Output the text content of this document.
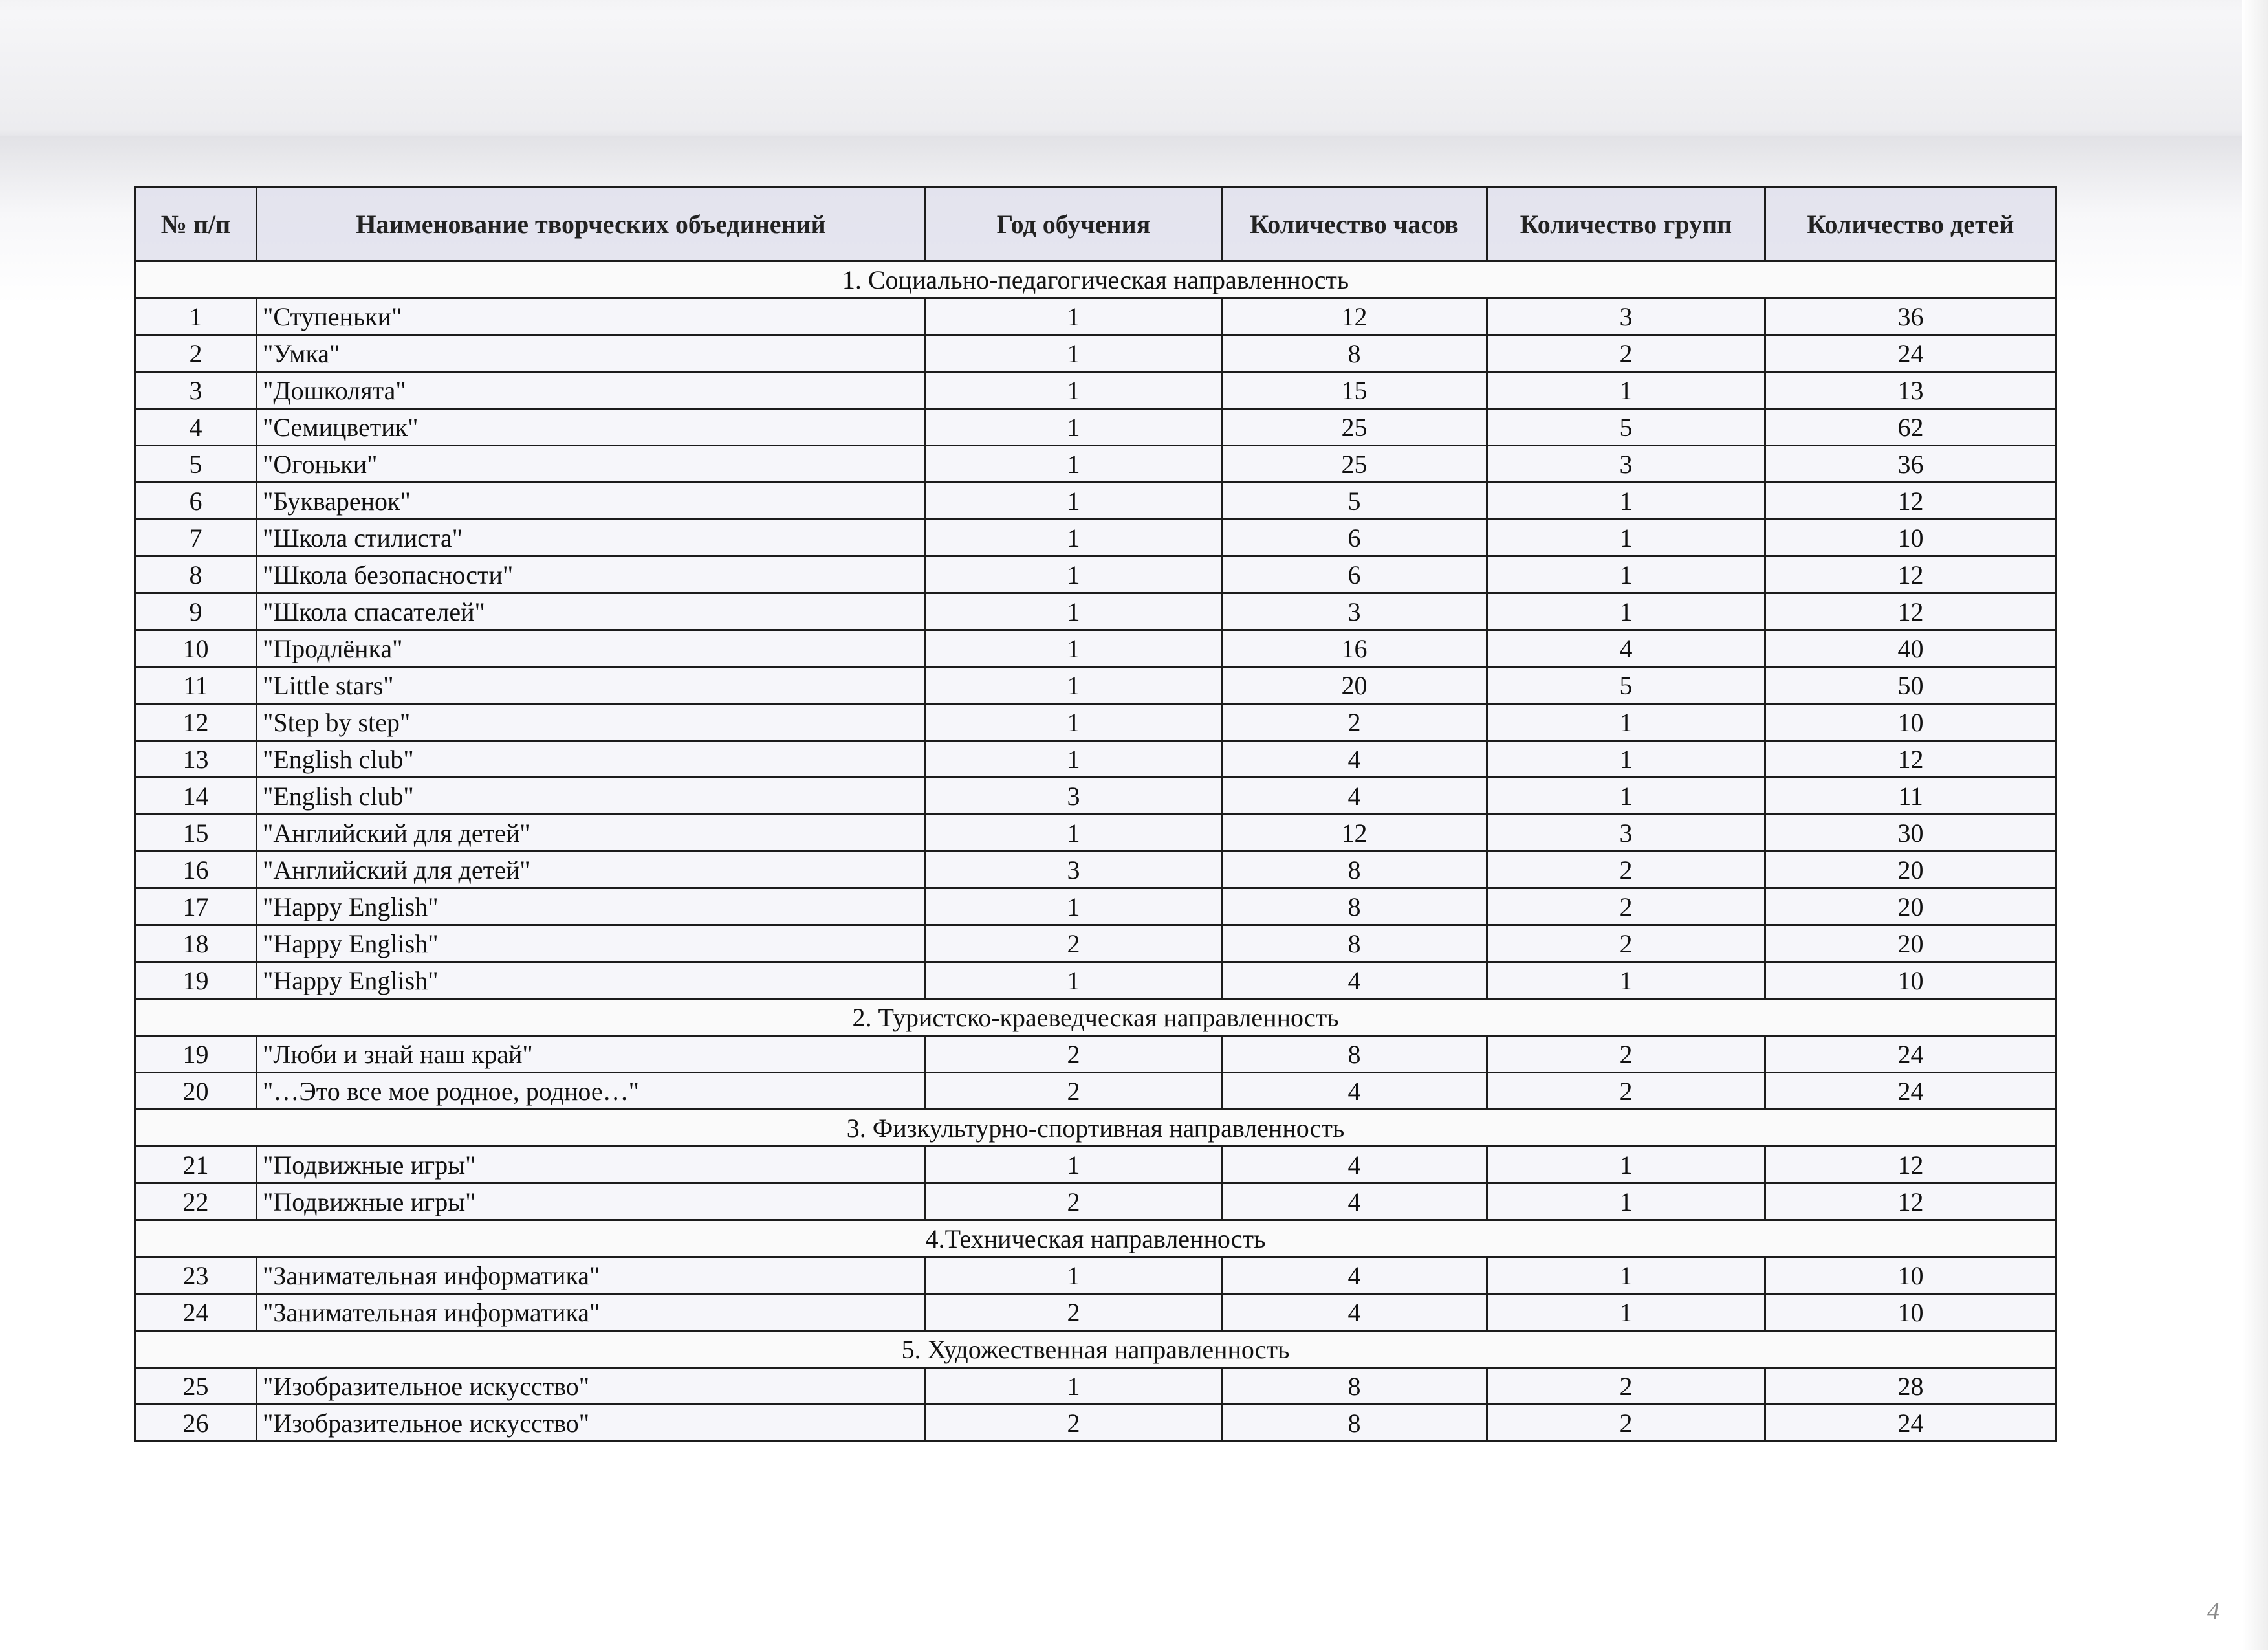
№ п/п	Наименование творческих объединений	Год обучения	Количество часов	Количество групп	Количество детей
1. Социально-педагогическая направленность					
1	"Ступеньки"	1	12	3	36
2	"Умка"	1	8	2	24
3	"Дошколята"	1	15	1	13
4	"Семицветик"	1	25	5	62
5	"Огоньки"	1	25	3	36
6	"Букваренок"	1	5	1	12
7	"Школа стилиста"	1	6	1	10
8	"Школа безопасности"	1	6	1	12
9	"Школа спасателей"	1	3	1	12
10	"Продлёнка"	1	16	4	40
11	"Little stars"	1	20	5	50
12	"Step by step"	1	2	1	10
13	"English club"	1	4	1	12
14	"English club"	3	4	1	11
15	"Английский для детей"	1	12	3	30
16	"Английский для детей"	3	8	2	20
17	"Happy English"	1	8	2	20
18	"Happy English"	2	8	2	20
19	"Happy English"	1	4	1	10
2. Туристско-краеведческая направленность					
19	"Люби и знай наш край"	2	8	2	24
20	"…Это все мое родное, родное…"	2	4	2	24
3. Физкультурно-спортивная направленность					
21	"Подвижные игры"	1	4	1	12
22	"Подвижные игры"	2	4	1	12
4.Техническая направленность					
23	"Занимательная информатика"	1	4	1	10
24	"Занимательная информатика"	2	4	1	10
5. Художественная направленность					
25	"Изобразительное искусство"	1	8	2	28
26	"Изобразительное искусство"	2	8	2	24
4
